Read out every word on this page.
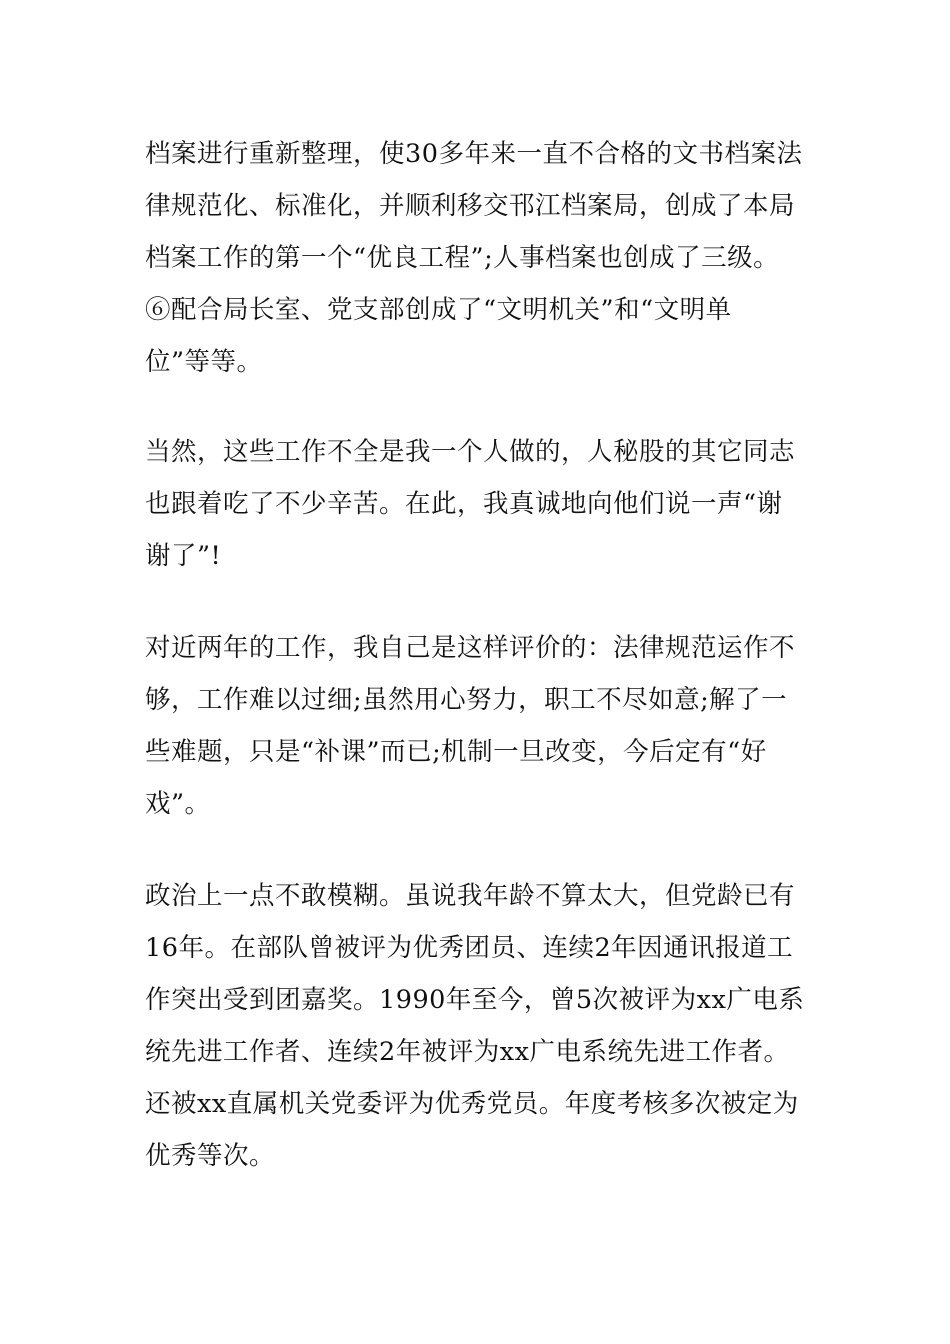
档案进行重新整理，使30多年来一直不合格的文书档案法
律规范化、标准化，并顺利移交邗江档案局，创成了本局
档案工作的第一个“优良工程”;人事档案也创成了三级。
⑥配合局长室、党支部创成了“文明机关”和“文明单
位”等等。

当然，这些工作不全是我一个人做的，人秘股的其它同志
也跟着吃了不少辛苦。在此，我真诚地向他们说一声“谢
谢了”!

对近两年的工作，我自己是这样评价的：法律规范运作不
够，工作难以过细;虽然用心努力，职工不尽如意;解了一
些难题，只是“补课”而已;机制一旦改变，今后定有“好
戏”。

政治上一点不敢模糊。虽说我年龄不算太大，但党龄已有
16年。在部队曾被评为优秀团员、连续2年因通讯报道工
作突出受到团嘉奖。1990年至今，曾5次被评为xx广电系
统先进工作者、连续2年被评为xx广电系统先进工作者。
还被xx直属机关党委评为优秀党员。年度考核多次被定为
优秀等次。
